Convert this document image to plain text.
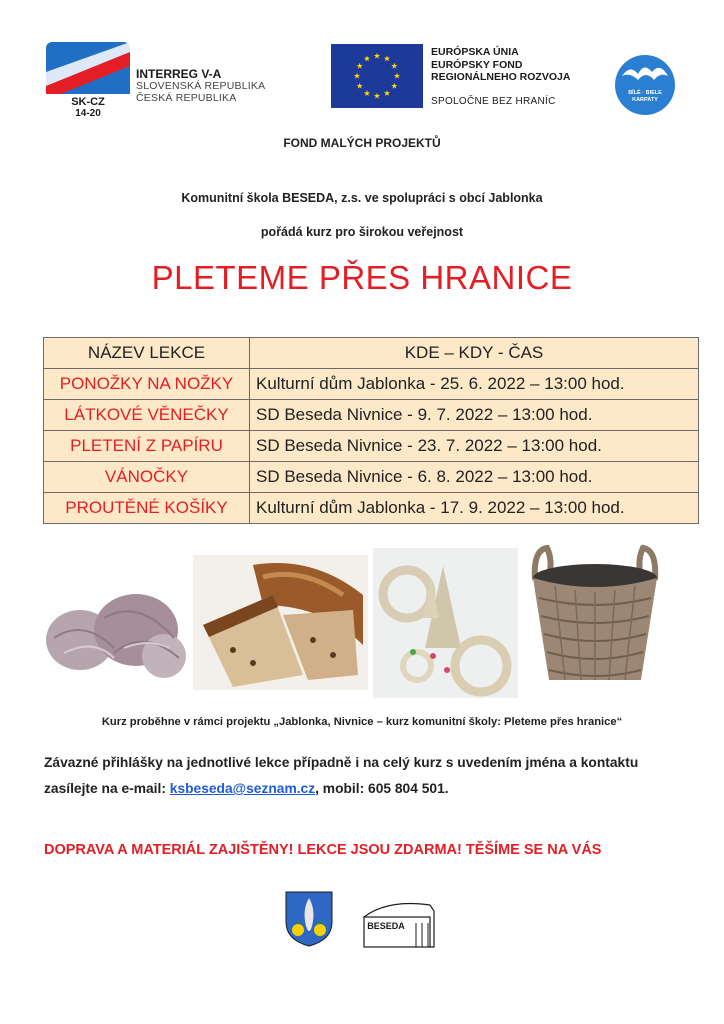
SK-CZ
14-20
INTERREG V-A
SLOVENSKÁ REPUBLIKA
ČESKÁ REPUBLIKA
EURÓPSKA ÚNIA
EURÓPSKY FOND
REGIONÁLNEHO ROZVOJA
SPOLOČNE BEZ HRANÍC
BÍLÉ · BIELE
KARPATY
FOND MALÝCH PROJEKTŮ
Komunitní škola BESEDA, z.s. ve spolupráci s obcí Jablonka
pořádá kurz pro širokou veřejnost
PLETEME PŘES HRANICE
NÁZEV LEKCE	KDE – KDY - ČAS
PONOŽKY NA NOŽKY	Kulturní dům Jablonka - 25. 6. 2022 – 13:00 hod.
LÁTKOVÉ VĚNEČKY	SD Beseda Nivnice - 9. 7. 2022 – 13:00 hod.
PLETENÍ Z PAPÍRU	SD Beseda Nivnice - 23. 7. 2022 – 13:00 hod.
VÁNOČKY	SD Beseda Nivnice - 6. 8. 2022 – 13:00 hod.
PROUTĚNÉ KOŠÍKY	Kulturní dům Jablonka - 17. 9. 2022 – 13:00 hod.
Kurz proběhne v rámci projektu „Jablonka, Nivnice – kurz komunitní školy: Pleteme přes hranice“
Závazné přihlášky na jednotlivé lekce případně i na celý kurz s uvedením jména a kontaktu zasílejte na e-mail: ksbeseda@seznam.cz, mobil: 605 804 501.
DOPRAVA A MATERIÁL ZAJIŠTĚNY! LEKCE JSOU ZDARMA! TĚŠÍME SE NA VÁS
BESEDA
